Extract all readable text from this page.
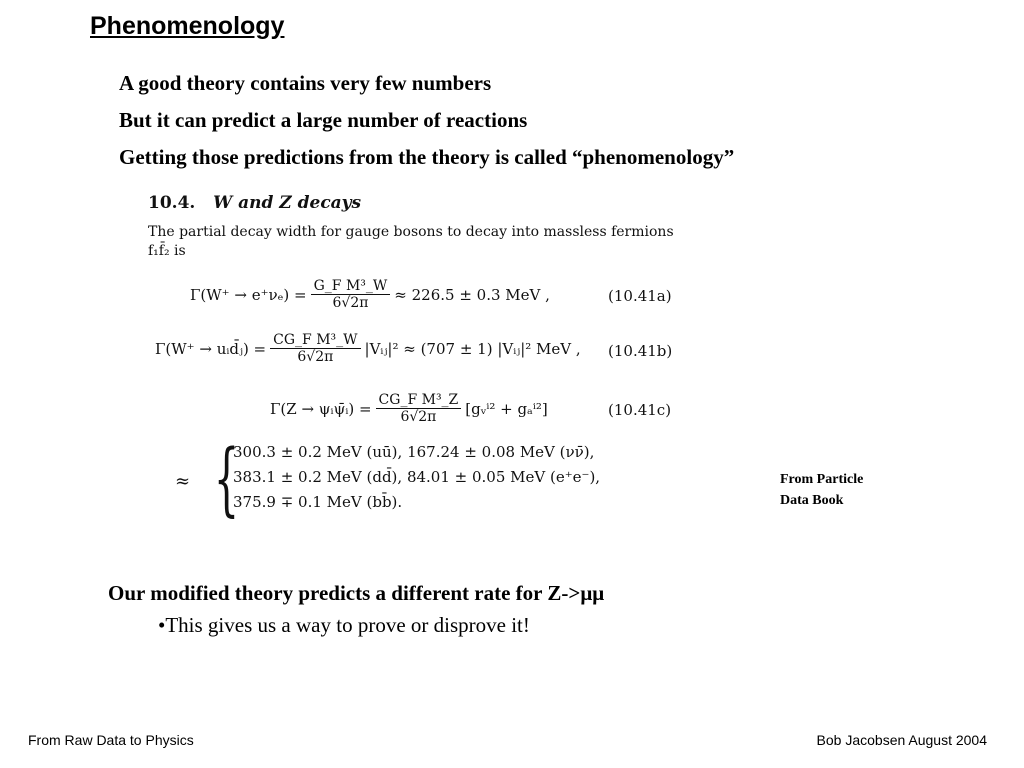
Phenomenology
A good theory contains very few numbers
But it can predict a large number of reactions
Getting those predictions from the theory is called “phenomenology”
10.4. W and Z decays
The partial decay width for gauge bosons to decay into massless fermions f₁f̄₂ is
$\Gamma(W^+ \to e^+\nu_e) = \frac{\text{G\_F M³\_W}}{6√2\pi} \approx 226.5 \pm 0.3$ MeV ,	(10.41a)
Γ(W⁺ → uᵢd̄ⱼ) = $\frac{\text{CG\_F M³\_W}}{6√2\pi}$ |Vᵢⱼ|² ≈ (707 ± 1) |Vᵢⱼ|² MeV , (10.41b)
Γ(Z → ψᵢψ̄ᵢ) = $\frac{\text{CG\_F M³\_Z}}{6√2\pi}$ [gᵥⁱ² + gₐⁱ²]	(10.41c)
≈ {
300.3 ± 0.2 MeV (uū), 167.24 ± 0.08 MeV (νν̄),
383.1 ± 0.2 MeV (dd̄), 84.01 ± 0.05 MeV (e⁺e⁻),
375.9 ∓ 0.1 MeV (bb̄).
From Particle
Data Book
Our modified theory predicts a different rate for Z->μμ
•This gives us a way to prove or disprove it!
From Raw Data to Physics	Bob Jacobsen August 2004
